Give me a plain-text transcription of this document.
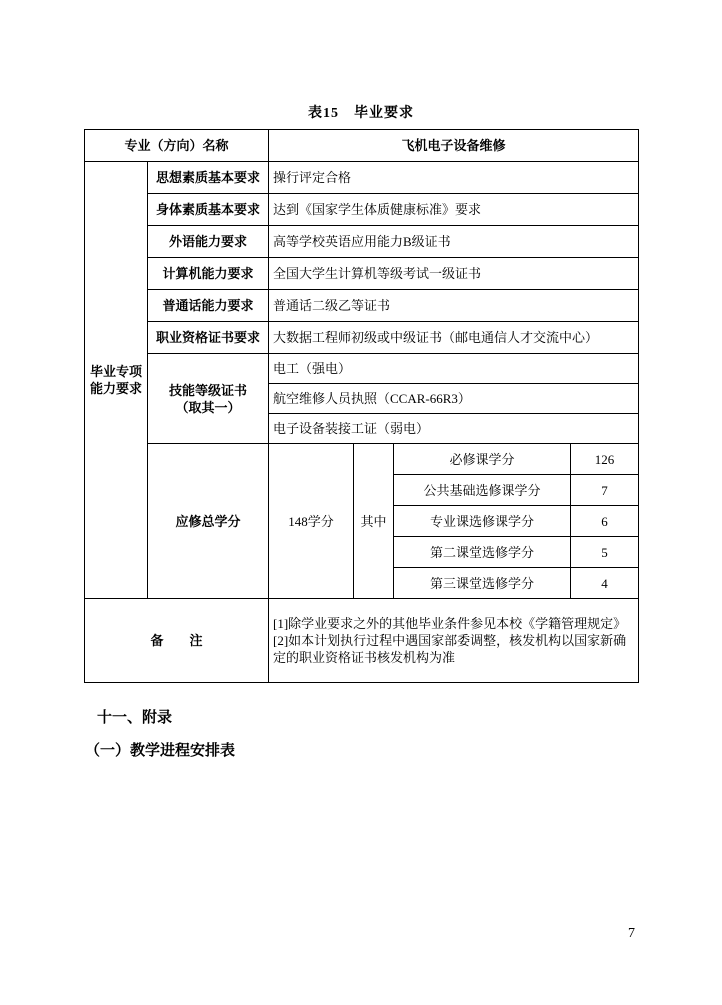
表15　毕业要求
专业（方向）名称		飞机电子设备维修			
毕业专项
能力要求	思想素质基本要求	操行评定合格			
	身体素质基本要求	达到《国家学生体质健康标准》要求			
	外语能力要求	高等学校英语应用能力B级证书			
	计算机能力要求	全国大学生计算机等级考试一级证书			
	普通话能力要求	普通话二级乙等证书			
	职业资格证书要求	大数据工程师初级或中级证书（邮电通信人才交流中心）			
	技能等级证书
（取其一）	电工（强电）			
		航空维修人员执照（CCAR-66R3）			
		电子设备装接工证（弱电）			
	应修总学分	148学分	其中	必修课学分	126
				公共基础选修课学分	7
				专业课选修课学分	6
				第二课堂选修学分	5
				第三课堂选修学分	4
备　　注		[1]除学业要求之外的其他毕业条件参见本校《学籍管理规定》
[2]如本计划执行过程中遇国家部委调整，核发机构以国家新确定的职业资格证书核发机构为准			
十一、附录
（一）教学进程安排表
7
